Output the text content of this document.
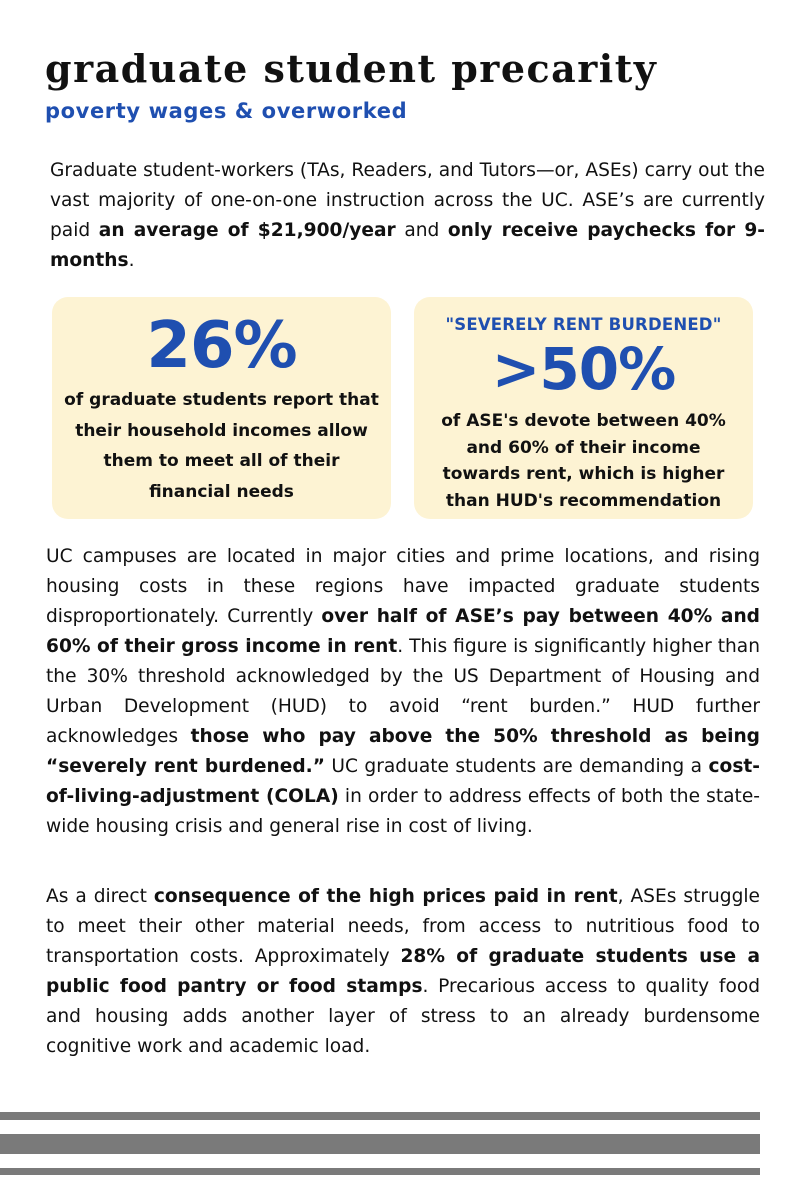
graduate student precarity
poverty wages & overworked

Graduate student-workers (TAs, Readers, and Tutors—or, ASEs) carry out the vast majority of one-on-one instruction across the UC. ASE’s are currently paid an average of $21,900/year and only receive paychecks for 9-months.

26%
of graduate students report that their household incomes allow them to meet all of their financial needs
"SEVERELY RENT BURDENED"
>50%
of ASE's devote between 40% and 60% of their income towards rent, which is higher than HUD's recommendation

UC campuses are located in major cities and prime locations, and rising housing costs in these regions have impacted graduate students disproportionately. Currently over half of ASE’s pay between 40% and 60% of their gross income in rent. This figure is significantly higher than the 30% threshold acknowledged by the US Department of Housing and Urban Development (HUD) to avoid “rent burden.” HUD further acknowledges those who pay above the 50% threshold as being “severely rent burdened.” UC graduate students are demanding a cost-of-living-adjustment (COLA) in order to address effects of both the state-wide housing crisis and general rise in cost of living.

As a direct consequence of the high prices paid in rent, ASEs struggle to meet their other material needs, from access to nutritious food to transportation costs. Approximately 28% of graduate students use a public food pantry or food stamps. Precarious access to quality food and housing adds another layer of stress to an already burdensome cognitive work and academic load.
